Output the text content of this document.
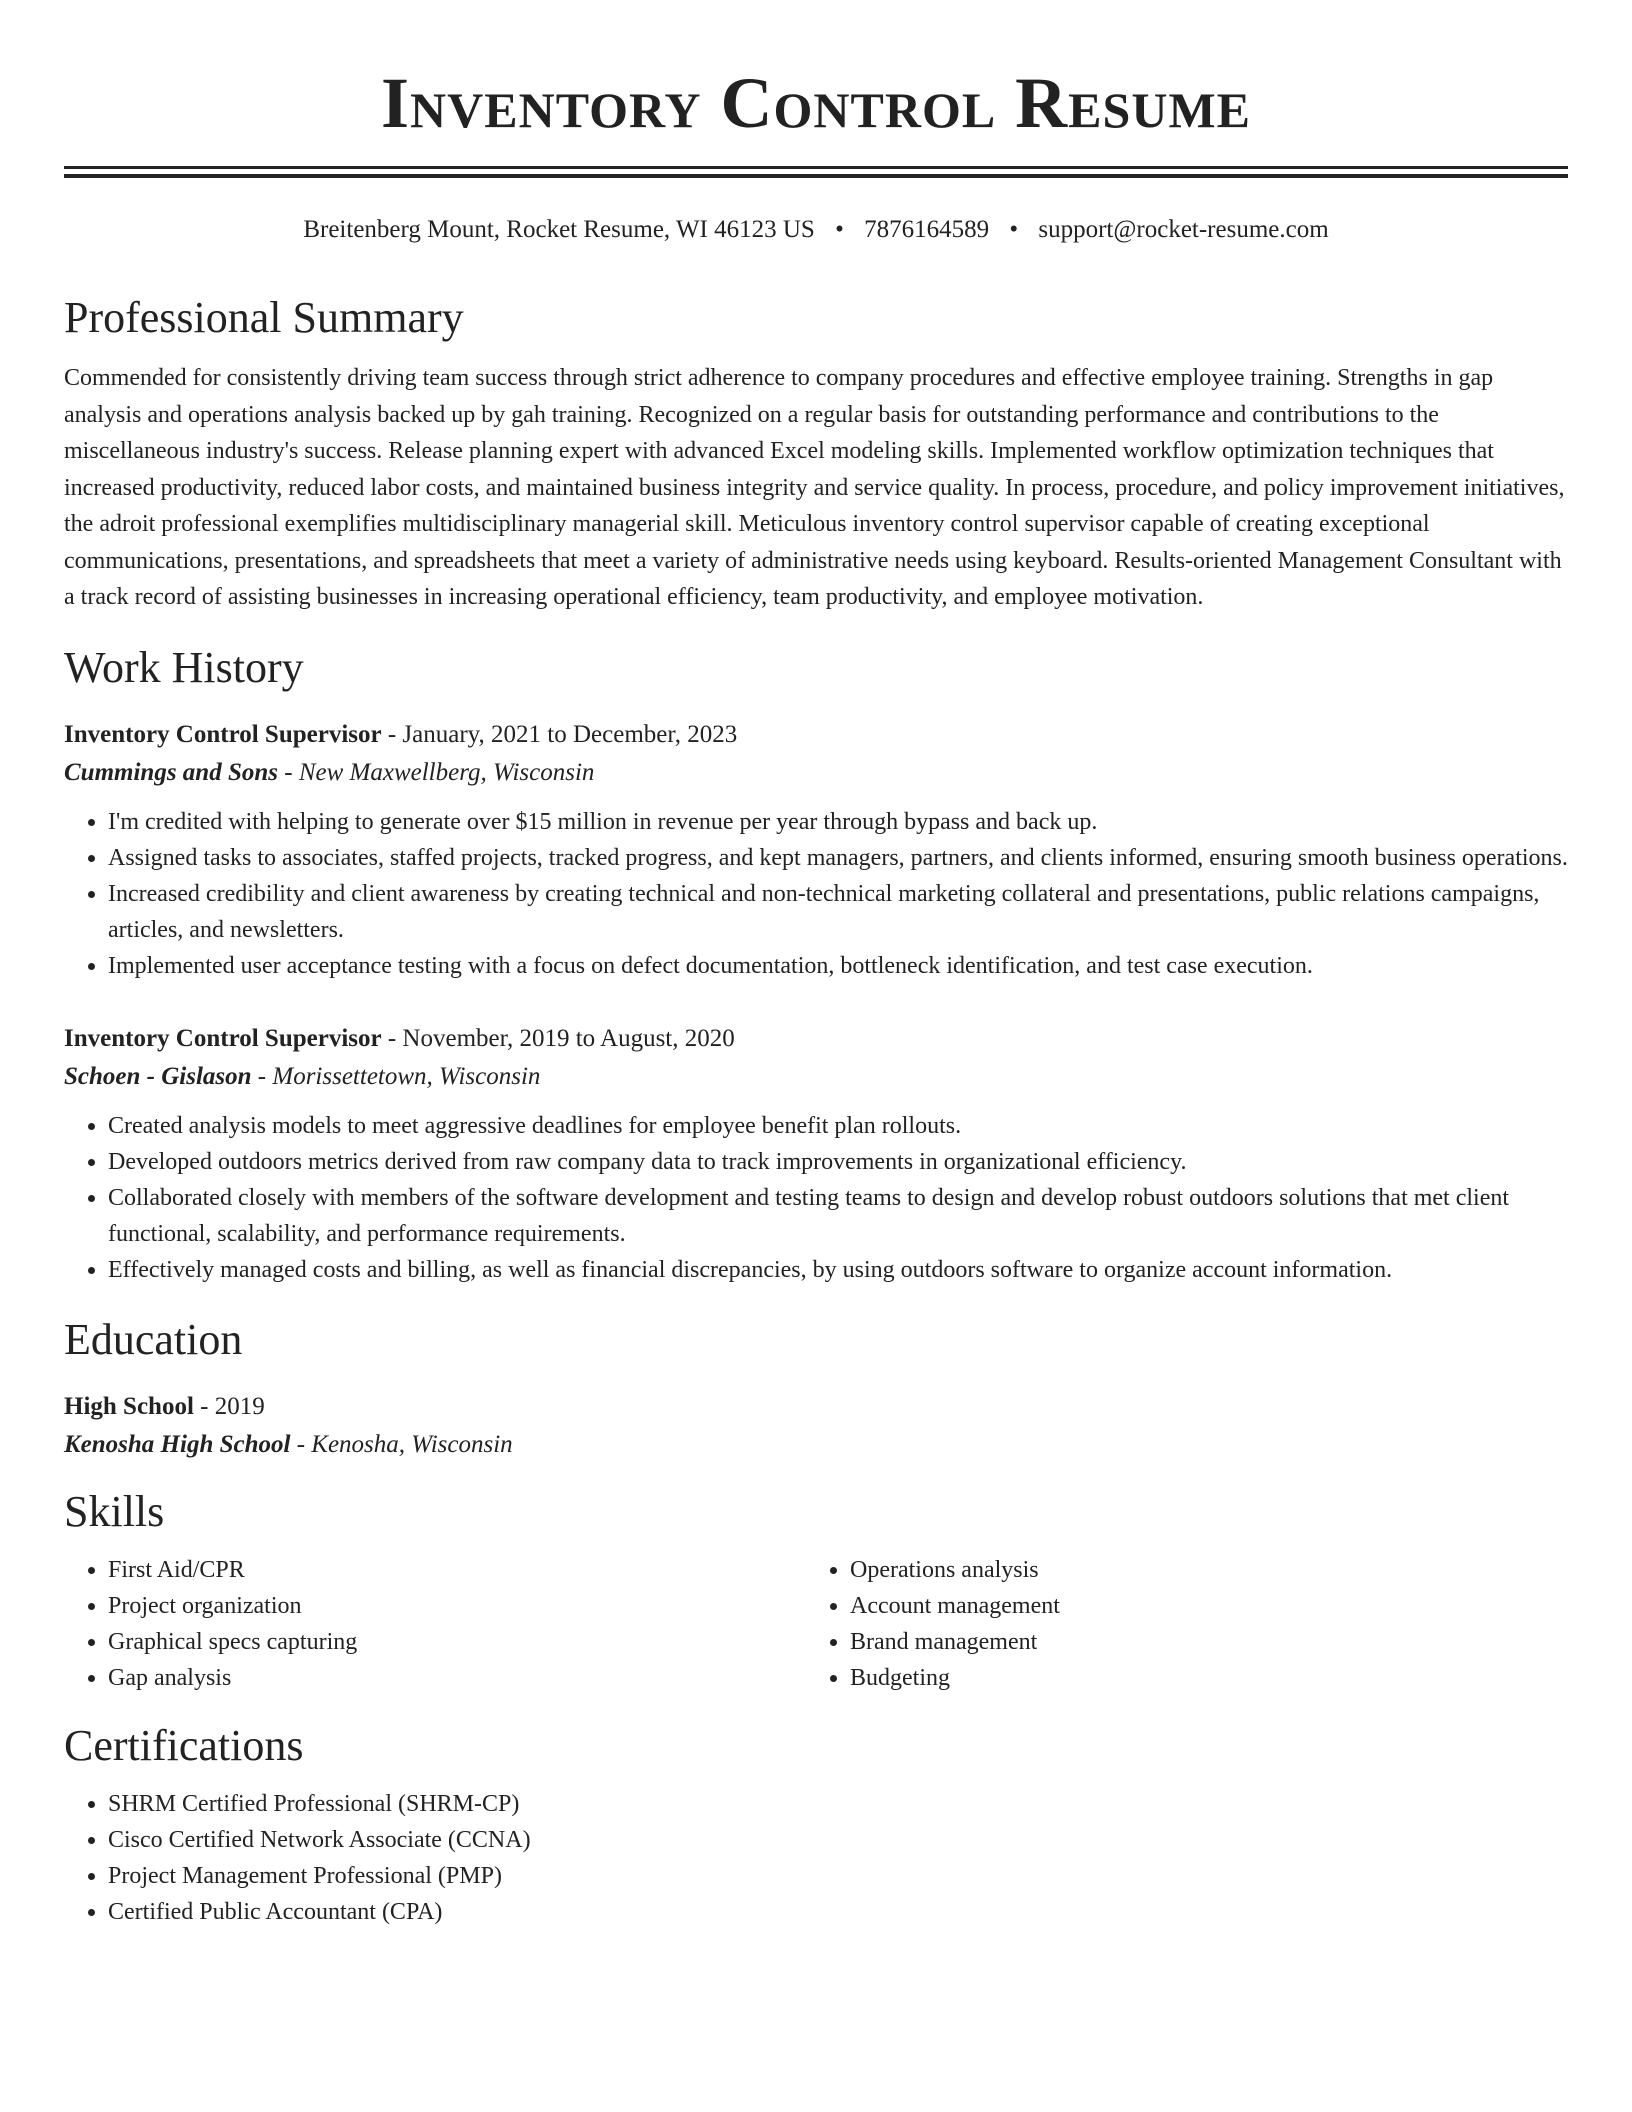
Inventory Control Resume
Breitenberg Mount, Rocket Resume, WI 46123 US • 7876164589 • support@rocket-resume.com
Professional Summary

Commended for consistently driving team success through strict adherence to company procedures and effective employee training. Strengths in gap analysis and operations analysis backed up by gah training. Recognized on a regular basis for outstanding performance and contributions to the miscellaneous industry's success. Release planning expert with advanced Excel modeling skills. Implemented workflow optimization techniques that increased productivity, reduced labor costs, and maintained business integrity and service quality. In process, procedure, and policy improvement initiatives, the adroit professional exemplifies multidisciplinary managerial skill. Meticulous inventory control supervisor capable of creating exceptional communications, presentations, and spreadsheets that meet a variety of administrative needs using keyboard. Results-oriented Management Consultant with a track record of assisting businesses in increasing operational efficiency, team productivity, and employee motivation.

Work History
Inventory Control Supervisor - January, 2021 to December, 2023
Cummings and Sons - New Maxwellberg, Wisconsin
• I'm credited with helping to generate over $15 million in revenue per year through bypass and back up.
• Assigned tasks to associates, staffed projects, tracked progress, and kept managers, partners, and clients informed, ensuring smooth business operations.
• Increased credibility and client awareness by creating technical and non-technical marketing collateral and presentations, public relations campaigns, articles, and newsletters.
• Implemented user acceptance testing with a focus on defect documentation, bottleneck identification, and test case execution.
Inventory Control Supervisor - November, 2019 to August, 2020
Schoen - Gislason - Morissettetown, Wisconsin
• Created analysis models to meet aggressive deadlines for employee benefit plan rollouts.
• Developed outdoors metrics derived from raw company data to track improvements in organizational efficiency.
• Collaborated closely with members of the software development and testing teams to design and develop robust outdoors solutions that met client functional, scalability, and performance requirements.
• Effectively managed costs and billing, as well as financial discrepancies, by using outdoors software to organize account information.
Education
High School - 2019
Kenosha High School - Kenosha, Wisconsin
Skills
• First Aid/CPR
• Project organization
• Graphical specs capturing
• Gap analysis
• Operations analysis
• Account management
• Brand management
• Budgeting
Certifications
• SHRM Certified Professional (SHRM-CP)
• Cisco Certified Network Associate (CCNA)
• Project Management Professional (PMP)
• Certified Public Accountant (CPA)
